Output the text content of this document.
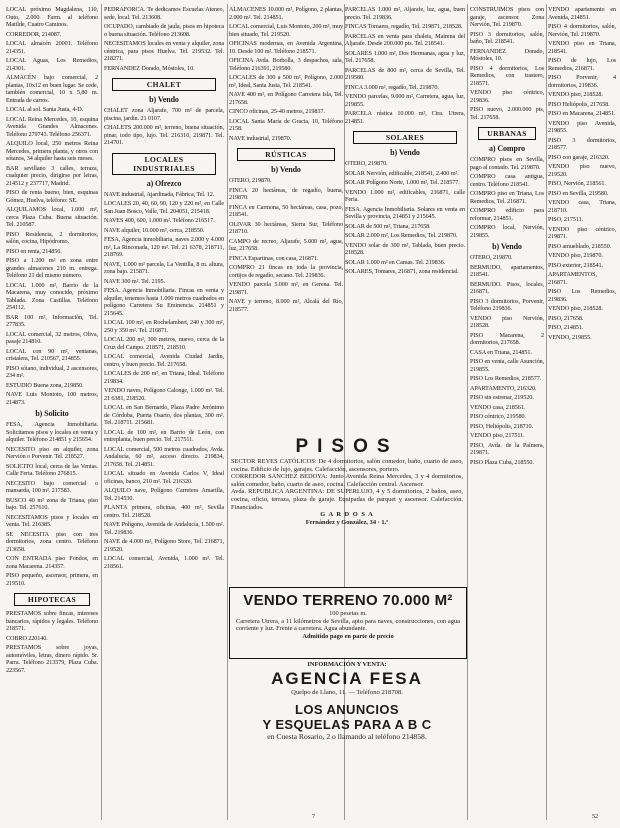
LOCAL próximo Magdalena, 110, Outo, 2.000. Farm. al teléfono Matilde, Cuatro Caminos.
CORREDOR, 214087.
LOCAL almacén 20001. Teléfono 214351.
LOCAL Aguas, Los Remedios, 214301.
ALMACÉN bajo comercial, 2 plantas, 10x12 en buen lugar. Se cede, también comercial, 10 x 5,80 m. Entrada de carros.
LOCAL al sol. Santa Justa, 4-D.
LOCAL Reina Mercedes, 10, esquina Avenida Grandes Almacenes. Teléfono 279743. Teléfono 256371.
ALQUILO local, 250 metros Reina Mercedes, primera planta, y otros con sótanos, 34 alquiler hasta seis meses.
BAR sevillano 3 calles, terraza, cualquier precio, dirigirse por letras, 214512 y 237717, Madrid.
PISO de renta bueno, bien, esquinas Gómez, Huelva, teléfono: SE.
ALQUILAMOS local, 1.000 m², cerca Plaza Cuba. Buena situación. Tel. 210587.
PISO Residencia, 2 dormitorios, salón, cocina, Hipódromo.
PISO en renta, 214856.
PISO a 1.200 m² en zona entre grandes almacenes 210 m. entrega. Teléfono 21 del mismo número.
LOCAL 1.000 m², Barrio de la Macarena, muy conocido, próximo Tablada. Zona Castillas. Teléfono 254112.
BAR 100 m², Información, Tel. 277835.
LOCAL comercial, 32 metros, Oliva, pasaje 214810.
LOCAL con 90 m², ventanas, cristalera, Tel. 210567, 214855.
PISO sótano, individual, 2 ascensores, 234 m².
ESTUDIO Buena zona, 219850.
NAVE Luis Montoto, 100 metros, 214873.
b) Solicito
FESA, Agencia Inmobiliaria. Solicitamos pisos y locales en venta y alquiler. Teléfono 214851 y 215654.
NECESITO piso en alquiler, zona Nervión o Porvenir. Tel. 218527.
SOLICITO local, cerca de las Ventas. Calle Feria. Teléfono 276815.
NECESITO bajo comercial o mansarda, 100 m². 217583.
BUSCO 40 m² zona de Triana, piso bajo. Tel. 257610.
NECESITAMOS pisos y locales en venta. Tel. 216385.
SE NECESITA piso con tres dormitorios, zona centro. Teléfono 213658.
CON ENTRADA piso Fondos, en zona Macarena. 214357.
PISO pequeño, ascensor, primera, en 219510.
HIPOTECAS
PRESTAMOS sobre fincas, intereses bancarios, rápidos y legales. Teléfono 218571.
COBRO 220140.
PRESTAMOS sobre joyas, automóviles, letras, dinero rápido. Sr. Parra. Teléfono 213579, Plaza Cuba. 223567.
PEDRAFORCA. Te dedicamos Escuelas Ateneo, sede, local. Tel. 213608.
OCUPADO, cambiado de jaula, pisos en hipoteca o buena situación. Teléfono 213608.
NECESITAMOS locales en venta y alquiler, zona céntrica, para pisos Huelva. Tel. 219532. Tel. 218271.
FERNANDEZ Dorado, Móstoles, 10.
CHALET
b) Vendo
CHALET zona Aljarafe, 700 m² de parcela, piscina, jardín. 21 0107.
CHALETS 200.000 m², terreno, buena situación, pinar, todo tipo, lujo. Tel. 216310, 219871. Tel. 214701.
LOCALES INDUSTRIALES
a) Ofrezco
NAVE industrial, Ajardinada, Fábrica, Tel. 12.
LOCALES 20, 40, 60, 90, 120 y 220 m², en Calle San Juan Bosco, Valle, Tel. 204051, 215418.
NAVES 400, 600, 1.000 m². Teléfono 216517.
NAVE alquiler, 10.000 m², cerca, 218550.
FESA, Agencia inmobiliaria, naves 2.000 y 4.000 m², La Rinconada, 120 m². Tel. 21 6378, 218711, 218769.
NAVE, 1.000 m² parcela, La Ventilla, 8 m. altura, zona bajo. 215871.
NAVE 300 m². Tel. 2195.
FESA. Agencia Inmobiliaria. Fincas en venta y alquiler, tenemos hasta 1.000 metros cuadrados en polígono Carretera Su Eminencia. 214851 y 215645.
LOCAL 100 m², en Rochelambert, 240 y 300 m², 250 y 350 m². Tel. 216871.
LOCAL 200 m², 300 metros, nuevo, cerca de la Cruz del Campo. 218571, 218510.
LOCAL comercial, Avenida Ciudad Jardín, centro, y buen precio. Tel. 217658.
LOCALES de 200 m², en Triana, Ideal. Teléfono 219834.
VENDO naves, Polígono Calonge, 1.000 m². Tel. 21 6381, 218520.
LOCAL en San Bernardo, Plaza Padre Jerónimo de Córdoba, Puerta Osario, dos plantas, 300 m². Tel. 218711. 215681.
LOCAL de 100 m², en Barrio de León, con entreplanta, buen precio. Tel. 217511.
LOCAL comercial, 500 metros cuadrados, Avda. Andalucía, 60 m², acceso directo. 219834, 217658. Tel. 214851.
LOCAL situado en Avenida Carlos V, Ideal oficinas, banco, 210 m². Tel. 216320.
ALQUILO nave, Polígono Carretera Amarilla, Tel. 214530.
PLANTA primera, oficinas, 400 m², Sevilla centro. Tel. 218528.
NAVE Polígono, Avenida de Andalucía, 1.500 m². Tel. 219836.
NAVE de 4.000 m², Polígono Store, Tel. 216871, 219520.
LOCAL comercial, Avenida, 1.000 m². Tel. 218561.
ALMACENES 10.000 m², Polígono, 2 plantas, 2.000 m². Tel. 214851.
LOCAL comercial, Luis Montoto, 200 m², muy bien situado, Tel. 219520.
OFICINAS modernas, en Avenida Argentina, 10. Desde 100 m². Teléfono 218571.
OFICINA Avda. Borbolla, 3 despachos, sala, Teléfono 216391, 219580.
LOCALES de 300 a 500 m², Polígono, 2.000 m², Ideal, Santa Justa, Tel. 218541.
NAVE 400 m², en Polígono Carretera Isla, Tel. 217658.
CINCO oficinas, 25-40 metros, 219837.
LOCAL Santa María de Gracia, 10, Teléfono 2158.
NAVE industrial, 219870.
RÚSTICAS
b) Vendo
OTERO, 219870.
FINCA 20 hectáreas, de regadío, buena, 219870.
FINCA en Carmona, 50 hectáreas, casa, pozo, 218541.
OLIVAR 30 hectáreas, Sierra Sur, Teléfono 218710.
CAMPO de recreo, Aljarafe, 5.000 m², agua, luz, 217658.
FINCA Espartinas, con casa, 216871.
COMPRO 21 fincas en toda la provincia, cortijos de regadío, secano. Tel. 219836.
VENDO parcela 5.000 m², en Gerena. Tel. 219871.
NAVE y terreno, 8.000 m², Alcalá del Río, 218577.
PARCELAS 1.000 m², Aljarafe, luz, agua, buen precio. Tel. 219836.
FINCAS Tomares, regadío, Tel. 219871, 218528.
PARCELAS en venta para chalets, Mairena del Aljarafe. Desde 200.000 pts. Tel. 218541.
SOLARES 1.000 m², Dos Hermanas, agua y luz, Tel. 217658.
PARCELAS de 800 m², cerca de Sevilla, Tel. 219580.
FINCA 3.000 m², regadío, Tel. 219870.
VENDO parcelas, 9.000 m², Carretera, agua, luz, 219855.
PARCELA rústica 10.000 m², Ctra. Utrera, 214851.
SOLARES
b) Vendo
OTERO, 219870.
SOLAR Nervión, edificable, 218541, 2.400 m².
SOLAR Polígono Norte, 1.000 m², Tel. 218577.
VENDO 1.000 m², edificables, 216871, calle Feria.
FESA. Agencia Inmobiliaria. Solares en venta en Sevilla y provincia, 214851 y 215645.
SOLAR de 500 m², Triana, 217658.
SOLAR 2.000 m², Los Remedios, Tel. 219870.
VENDO solar de 300 m², Tablada, buen precio. 218528.
SOLAR 1.000 m² en Camas. Tel. 219836.
SOLARES, Tomares, 216871, zona residencial.
CONSTRUIMOS pisos con garaje, ascensor. Zona Nervión, Tel. 219870.
PISO 3 dormitorios, salón, baño, Tel. 218541.
FERNANDEZ Dorado, Móstoles, 10.
PISO 4 dormitorios, Los Remedios, con trastero, 218571.
VENDO piso céntrico, 219836.
PISO nuevo, 2.000.000 pts, Tel. 217658.
URBANAS
a) Compro
COMPRO pisos en Sevilla, pago al contado. Tel. 219870.
COMPRO casa antigua, centro. Teléfono 218541.
COMPRO piso en Triana, Los Remedios, Tel. 216871.
COMPRO edificio para reformar, 214851.
COMPRO local, Nervión, 219855.
b) Vendo
OTERO, 219870.
BERMUDO, apartamentos, 218541.
BERMUDO. Pisos, locales, 216871.
PISO 3 dormitorios, Porvenir, Teléfono 219836.
VENDO piso Nervión, 218528.
PISO Macarena, 2 dormitorios, 217658.
CASA en Triana, 214851.
PISO en venta, calle Asunción, 219855.
PISO Los Remedios, 218577.
APARTAMENTO, 216320.
PISO sin estrenar, 219520.
VENDO casa, 218561.
PISO céntrico, 219580.
PISO, Heliópolis, 218710.
VENDO piso, 217511.
PISO, Avda. de la Palmera, 219871.
PISO Plaza Cuba, 218550.
VENDO apartamento en Avenida, 214851.
PISO 4 dormitorios, salón, Nervión, Tel. 219870.
VENDO piso en Triana, 218541.
PISO de lujo, Los Remedios, 216871.
PISO Porvenir, 4 dormitorios, 219836.
VENDO piso, 218528.
PISO Heliópolis, 217658.
PISO en Macarena, 214851.
VENDO piso Avenida, 219855.
PISO 3 dormitorios, 218577.
PISO con garaje, 216320.
VENDO piso nuevo, 219520.
PISO, Nervión, 218561.
PISO en Sevilla, 219580.
VENDO casa, Triana, 218710.
PISO, 217511.
VENDO piso céntrico, 219871.
PISO amueblado, 218550.
VENDO piso, 219870.
PISO exterior, 218541.
APARTAMENTOS, 216871.
PISO Los Remedios, 219836.
VENDO piso, 218528.
PISO, 217658.
PISO, 214851.
VENDO, 219855.
PISOS
SECTOR REYES CATÓLICOS: De 4 dormitorios, salón comedor, baño, cuarto de aseo, cocina. Edificio de lujo, garajes. Calefacción, ascensores, portero.
CORREDOR SANCHEZ BEDOYA: Junto Avenida Reina Mercedes, 3 y 4 dormitorios, salón comedor, baño, cuarto de aseo, cocina. Calefacción central. Ascensor.
Avda. REPUBLICA ARGENTINA: DE SUPERLUJO, 4 y 5 dormitorios, 2 baños, aseo, cocina, oficio, terraza, plaza de garaje. Equipadas de parquet y ascensor. Calefacción. Financiados.
G A R D O S A
Fernández y González, 34 · 1.º
VENDO TERRENO 70.000 M²
100 pesetas m.
Carretera Utrera, a 11 kilómetros de Sevilla, apto para naves, construcciones, con agua corriente y luz. Frente a carretera. Agua abundante.
Admitido pago en parte de precio
INFORMACIÓN Y VENTA:
AGENCIA FESA
Quelpo de Llano, 11. — Teléfono 218708.
LOS ANUNCIOS
Y ESQUELAS PARA A B C
en Cuesta Rosario, 2 o llamando al teléfono 214858.
7	52
